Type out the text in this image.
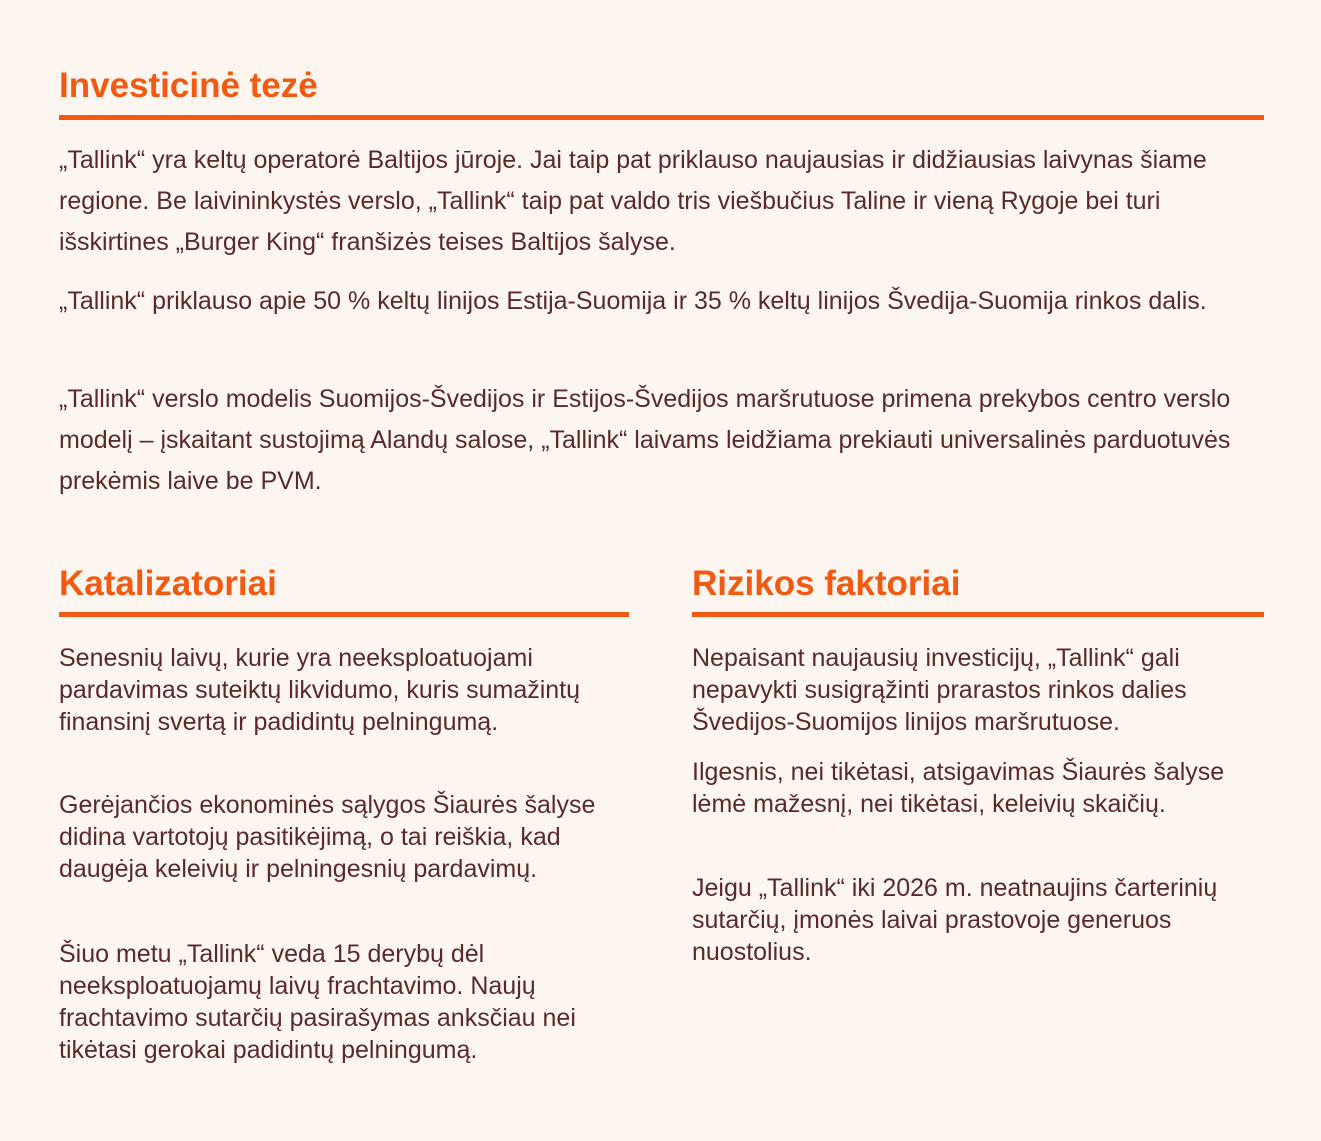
Investicinė tezė

„Tallink“ yra keltų operatorė Baltijos jūroje. Jai taip pat priklauso naujausias ir didžiausias laivynas šiame regione. Be laivininkystės verslo, „Tallink“ taip pat valdo tris viešbučius Taline ir vieną Rygoje bei turi išskirtines „Burger King“ franšizės teises Baltijos šalyse.

„Tallink“ priklauso apie 50 % keltų linijos Estija-Suomija ir 35 % keltų linijos Švedija-Suomija rinkos dalis.

„Tallink“ verslo modelis Suomijos-Švedijos ir Estijos-Švedijos maršrutuose primena prekybos centro verslo modelį – įskaitant sustojimą Alandų salose, „Tallink“ laivams leidžiama prekiauti universalinės parduotuvės prekėmis laive be PVM.

Katalizatoriai

Senesnių laivų, kurie yra neeksploatuojami pardavimas suteiktų likvidumo, kuris sumažintų finansinį svertą ir padidintų pelningumą.

Gerėjančios ekonominės sąlygos Šiaurės šalyse didina vartotojų pasitikėjimą, o tai reiškia, kad daugėja keleivių ir pelningesnių pardavimų.

Šiuo metu „Tallink“ veda 15 derybų dėl neeksploatuojamų laivų frachtavimo. Naujų frachtavimo sutarčių pasirašymas anksčiau nei tikėtasi gerokai padidintų pelningumą.

Rizikos faktoriai

Nepaisant naujausių investicijų, „Tallink“ gali nepavykti susigrąžinti prarastos rinkos dalies Švedijos-Suomijos linijos maršrutuose.

Ilgesnis, nei tikėtasi, atsigavimas Šiaurės šalyse lėmė mažesnį, nei tikėtasi, keleivių skaičių.

Jeigu „Tallink“ iki 2026 m. neatnaujins čarterinių sutarčių, įmonės laivai prastovoje generuos nuostolius.
